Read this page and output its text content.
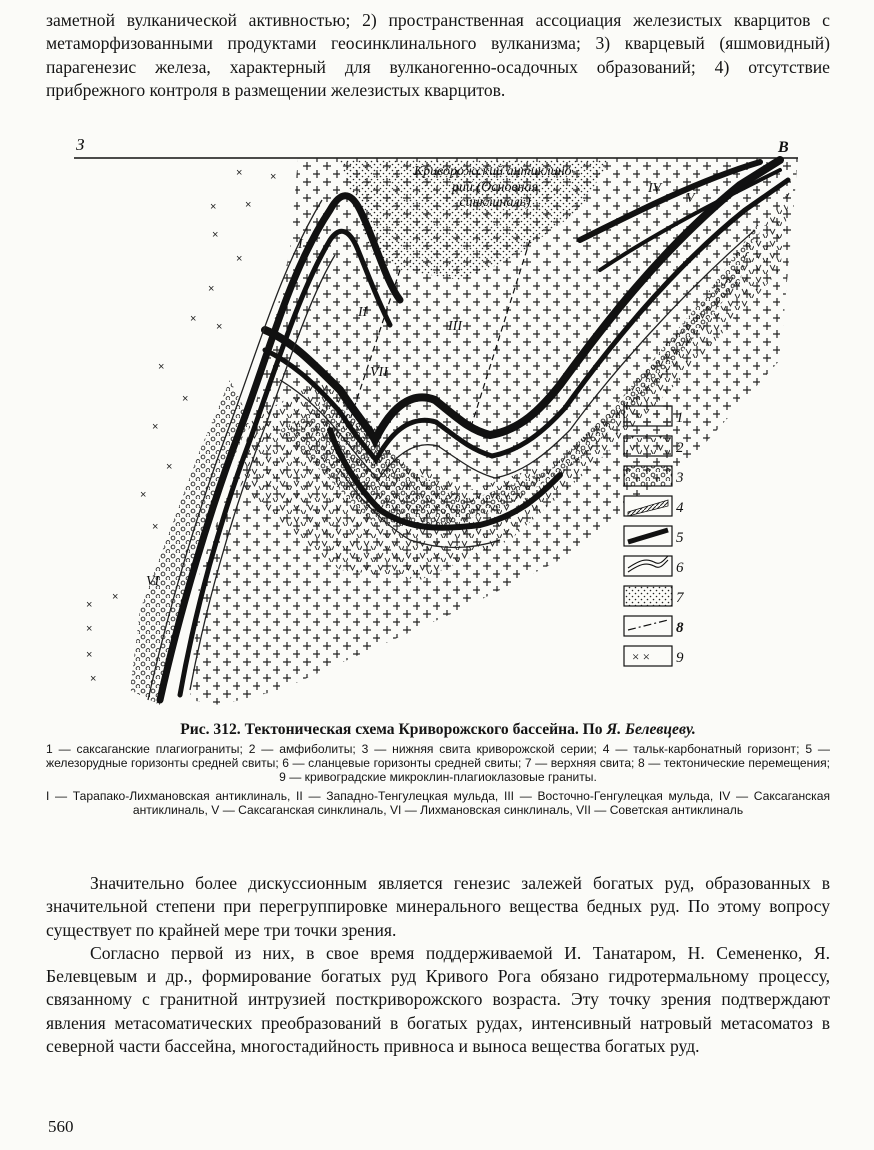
заметной вулканической активностью; 2) пространственная ассоциация железистых кварцитов с метаморфизованными продуктами геосинклинального вулканизма; 3) кварцевый (яшмовидный) парагенезис железа, характерный для вулканогенно-осадочных образований; 4) отсутствие прибрежного контроля в размещении железистых кварцитов.

×	×
×	×
×
×
×
×
×
×
×
×
×
×
×
×
×
×
×
×
Криворожский антиклино-
рий (Основная
синклиналь)
З	В
I
II
III
IV
V
VI
VII
1
2
3
4
5
6
7
8
× × 9
Рис. 312. Тектоническая схема Криворожского бассейна. По Я. Белевцеву.

1 — саксаганские плагиограниты; 2 — амфиболиты; 3 — нижняя свита криворожской серии; 4 — тальк-карбонатный горизонт; 5 — железорудные горизонты средней свиты; 6 — сланцевые горизонты средней свиты; 7 — верхняя свита; 8 — тектонические перемещения; 9 — кривоградские микроклин-плагиоклазовые граниты.

I — Тарапако-Лихмановская антиклиналь, II — Западно-Тенгулецкая мульда, III — Восточно-Генгулецкая мульда, IV — Саксаганская антиклиналь, V — Саксаганская синклиналь, VI — Лихмановская синклиналь, VII — Советская антиклиналь

Значительно более дискуссионным является генезис залежей богатых руд, образованных в значительной степени при перегруппировке минерального вещества бедных руд. По этому вопросу существует по крайней мере три точки зрения.

Согласно первой из них, в свое время поддерживаемой И. Танатаром, Н. Семененко, Я. Белевцевым и др., формирование богатых руд Кривого Рога обязано гидротермальному процессу, связанному с гранитной интрузией посткриворожского возраста. Эту точку зрения подтверждают явления метасоматических преобразований в богатых рудах, интенсивный натровый метасоматоз в северной части бассейна, многостадийность привноса и выноса вещества богатых руд.

560
